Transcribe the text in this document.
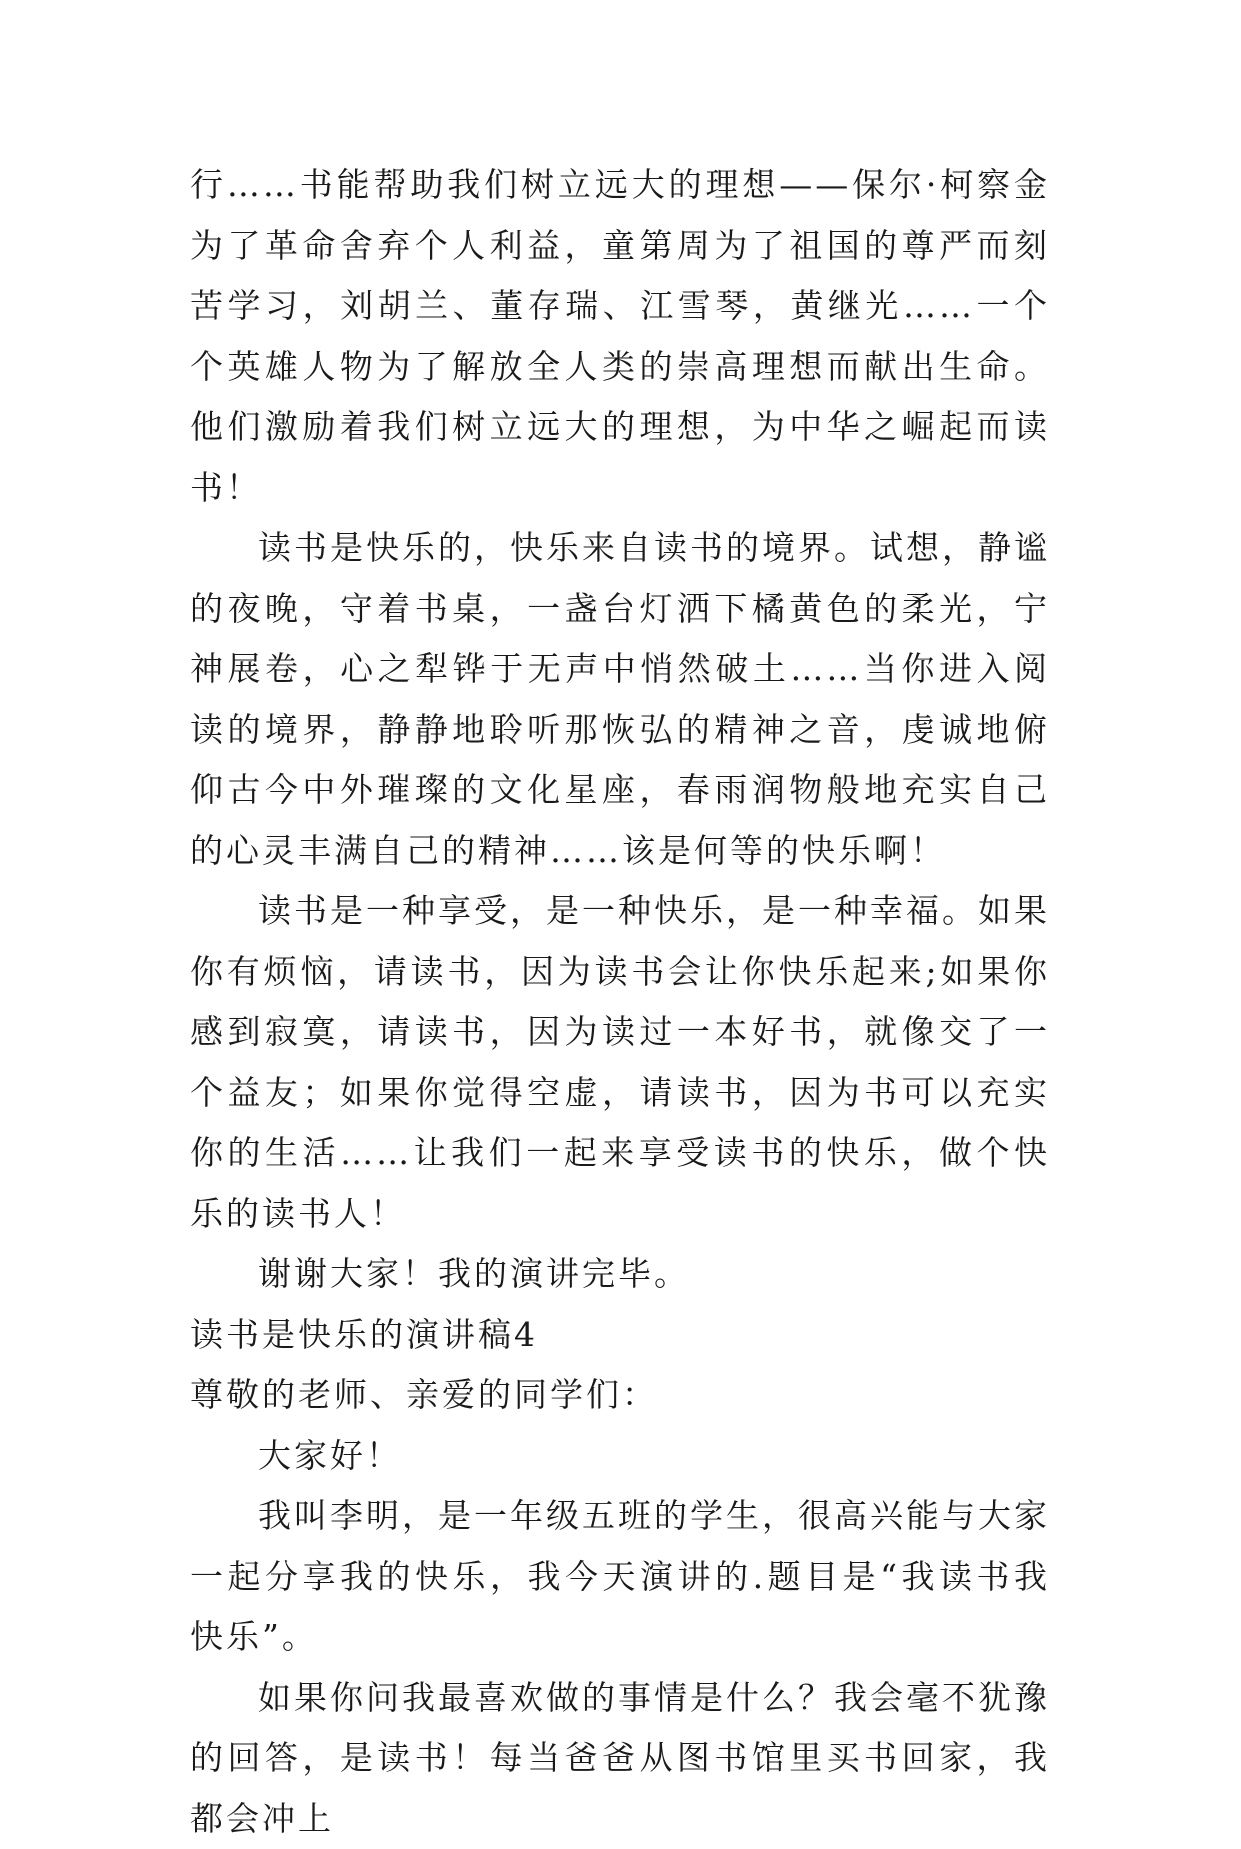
行……书能帮助我们树立远大的理想——保尔·柯察金为了革命舍弃个人利益，童第周为了祖国的尊严而刻苦学习，刘胡兰、董存瑞、江雪琴，黄继光……一个个英雄人物为了解放全人类的崇高理想而献出生命。他们激励着我们树立远大的理想，为中华之崛起而读书！

读书是快乐的，快乐来自读书的境界。试想，静谧的夜晚，守着书桌，一盏台灯洒下橘黄色的柔光，宁神展卷，心之犁铧于无声中悄然破土……当你进入阅读的境界，静静地聆听那恢弘的精神之音，虔诚地俯仰古今中外璀璨的文化星座，春雨润物般地充实自己的心灵丰满自己的精神……该是何等的快乐啊！

读书是一种享受，是一种快乐，是一种幸福。如果你有烦恼，请读书，因为读书会让你快乐起来;如果你感到寂寞，请读书，因为读过一本好书，就像交了一个益友；如果你觉得空虚，请读书，因为书可以充实你的生活……让我们一起来享受读书的快乐，做个快乐的读书人！

谢谢大家！我的演讲完毕。

读书是快乐的演讲稿4

尊敬的老师、亲爱的同学们：

大家好！

我叫李明，是一年级五班的学生，很高兴能与大家一起分享我的快乐，我今天演讲的.题目是“我读书我快乐”。

如果你问我最喜欢做的事情是什么？我会毫不犹豫的回答，是读书！每当爸爸从图书馆里买书回家，我都会冲上
